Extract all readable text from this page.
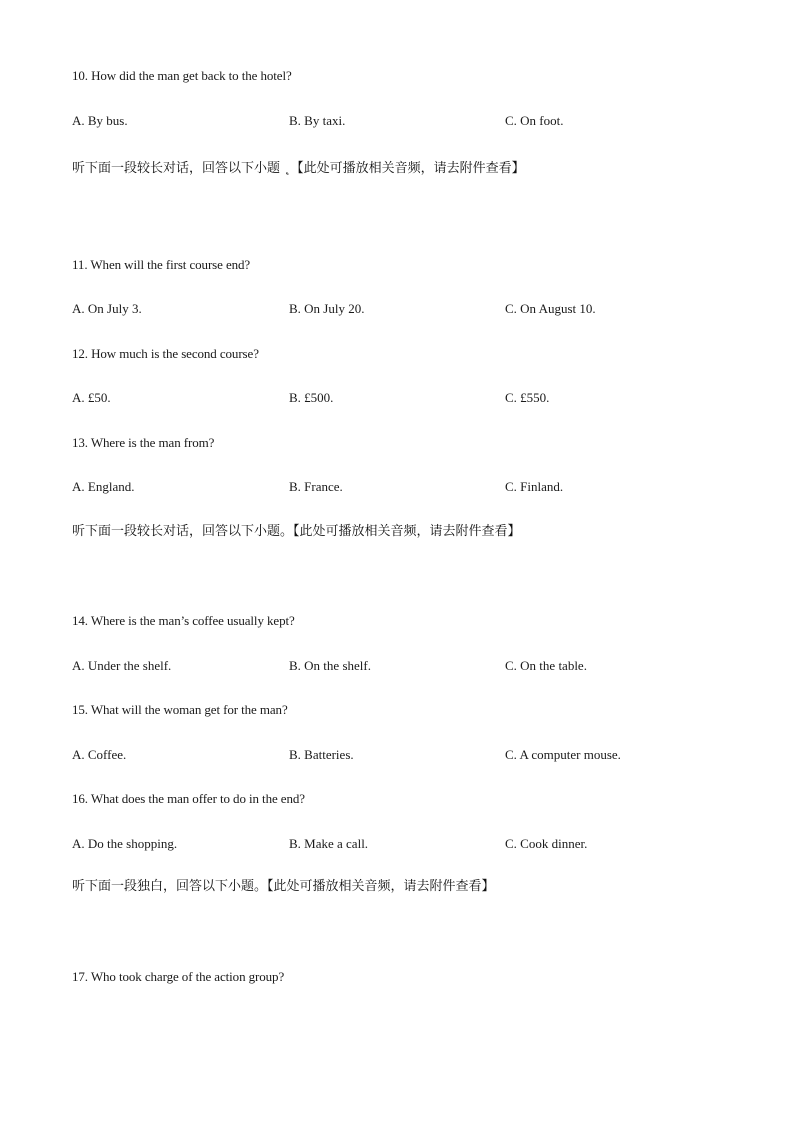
10. How did the man get back to the hotel?
A. By bus.	B. By taxi.	C. On foot.
听下面一段较长对话，回答以下小题 ˛【此处可播放相关音频，请去附件查看】
11. When will the first course end?
A. On July 3.	B. On July 20.	C. On August 10.
12. How much is the second course?
A. £50.	B. £500.	C. £550.
13. Where is the man from?
A. England.	B. France.	C. Finland.
听下面一段较长对话，回答以下小题。【此处可播放相关音频，请去附件查看】
14. Where is the man’s coffee usually kept?
A. Under the shelf.	B. On the shelf.	C. On the table.
15. What will the woman get for the man?
A. Coffee.	B. Batteries.	C. A computer mouse.
16. What does the man offer to do in the end?
A. Do the shopping.	B. Make a call.	C. Cook dinner.
听下面一段独白，回答以下小题。【此处可播放相关音频，请去附件查看】
17. Who took charge of the action group?
